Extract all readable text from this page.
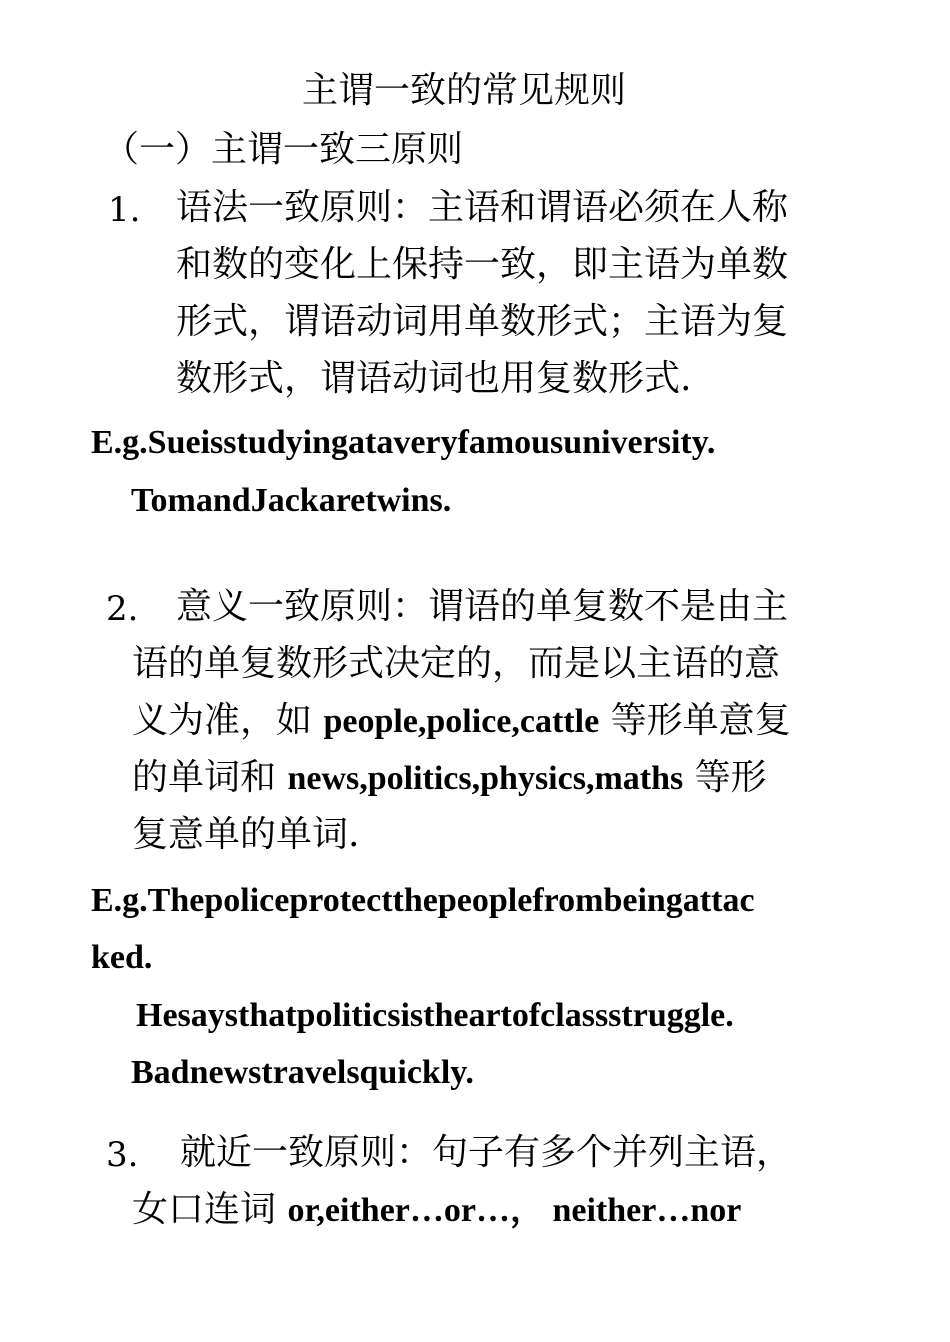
主谓一致的常见规则
（一）主谓一致三原则
1. 语法一致原则：主语和谓语必须在人称
和数的变化上保持一致，即主语为单数
形式，谓语动词用单数形式；主语为复
数形式，谓语动词也用复数形式.
E.g.Sueisstudyingataveryfamousuniversity.
TomandJackaretwins.
2. 意义一致原则：谓语的单复数不是由主
语的单复数形式决定的，而是以主语的意
义为准，如 people,police,cattle 等形单意复
的单词和 news,politics,physics,maths 等形
复意单的单词.
E.g.Thepoliceprotectthepeoplefrombeingattac
ked.
Hesaysthatpoliticsistheartofclassstruggle.
Badnewstravelsquickly.
3. 就近一致原则：句子有多个并列主语，
女口连词 or,either…or…， neither…nor
